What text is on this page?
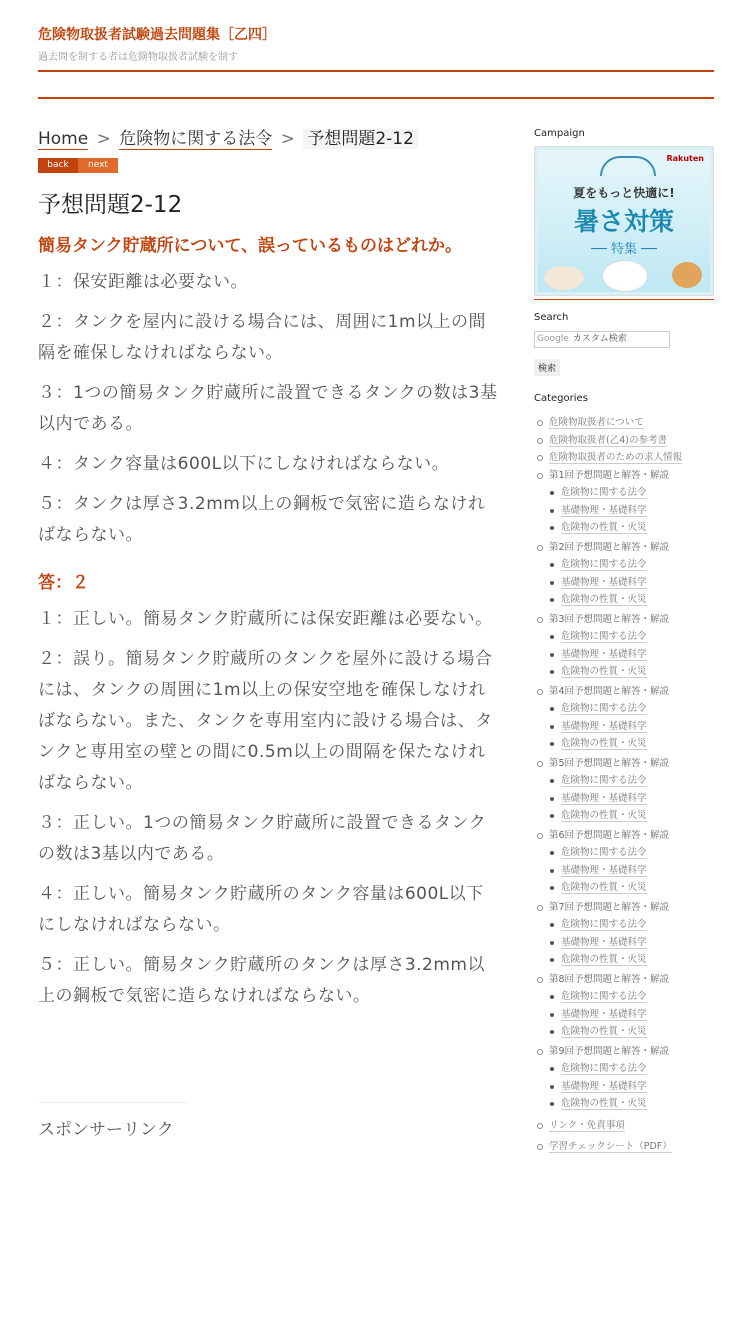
危険物取扱者試験過去問題集［乙四］
過去問を制する者は危険物取扱者試験を制す
Home > 危険物に関する法令 > 予想問題2-12
back	next
予想問題2-12
簡易タンク貯蔵所について、誤っているものはどれか。
１：保安距離は必要ない。
２：タンクを屋内に設ける場合には、周囲に1m以上の間隔を確保しなければならない。
３：1つの簡易タンク貯蔵所に設置できるタンクの数は3基以内である。
４：タンク容量は600L以下にしなければならない。
５：タンクは厚さ3.2mm以上の鋼板で気密に造らなければならない。
答：２
１：正しい。簡易タンク貯蔵所には保安距離は必要ない。
２：誤り。簡易タンク貯蔵所のタンクを屋外に設ける場合には、タンクの周囲に1m以上の保安空地を確保しなければならない。また、タンクを専用室内に設ける場合は、タンクと専用室の壁との間に0.5m以上の間隔を保たなければならない。
３：正しい。1つの簡易タンク貯蔵所に設置できるタンクの数は3基以内である。
４：正しい。簡易タンク貯蔵所のタンク容量は600L以下にしなければならない。
５：正しい。簡易タンク貯蔵所のタンクは厚さ3.2mm以上の鋼板で気密に造らなければならない。
スポンサーリンク
Campaign
Rakuten
夏をもっと快適に!
暑さ対策
── 特集 ──
Search
Google カスタム検索
検索
Categories
危険物取扱者について
危険物取扱者(乙4)の参考書
危険物取扱者のための求人情報
第1回予想問題と解答・解説
危険物に関する法令
基礎物理・基礎科学
危険物の性質・火災
第2回予想問題と解答・解説
危険物に関する法令
基礎物理・基礎科学
危険物の性質・火災
第3回予想問題と解答・解説
危険物に関する法令
基礎物理・基礎科学
危険物の性質・火災
第4回予想問題と解答・解説
危険物に関する法令
基礎物理・基礎科学
危険物の性質・火災
第5回予想問題と解答・解説
危険物に関する法令
基礎物理・基礎科学
危険物の性質・火災
第6回予想問題と解答・解説
危険物に関する法令
基礎物理・基礎科学
危険物の性質・火災
第7回予想問題と解答・解説
危険物に関する法令
基礎物理・基礎科学
危険物の性質・火災
第8回予想問題と解答・解説
危険物に関する法令
基礎物理・基礎科学
危険物の性質・火災
第9回予想問題と解答・解説
危険物に関する法令
基礎物理・基礎科学
危険物の性質・火災
リンク・免責事項
学習チェックシート（PDF）
